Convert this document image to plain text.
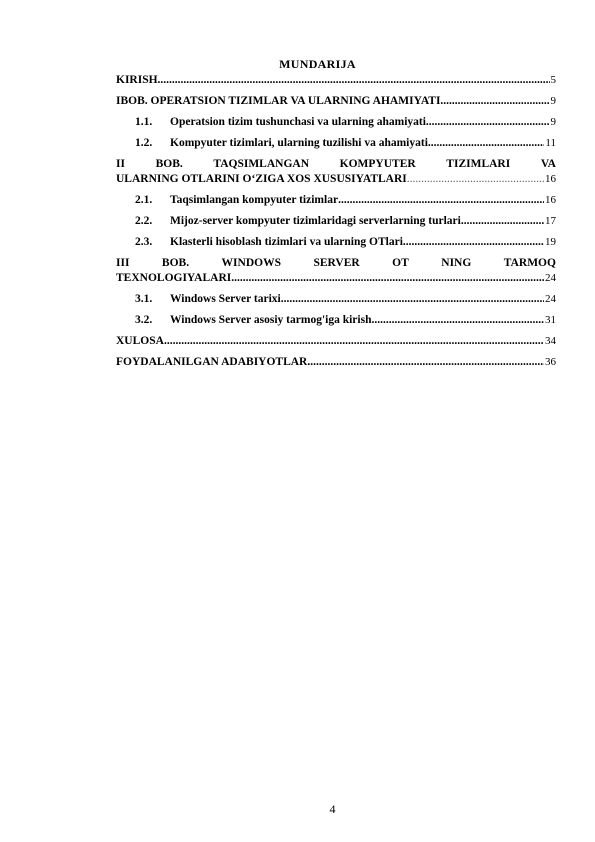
MUNDARIJA
KIRISH .....	5
IBOB. OPERATSION TIZIMLAR VA ULARNING AHAMIYATI .....	9
1.1.	Operatsion tizim tushunchasi va ularning ahamiyati .....	9
1.2.	Kompyuter tizimlari, ularning tuzilishi va ahamiyati .....	11
II	BOB.	TAQSIMLANGAN	KOMPYUTER	TIZIMLARI	VA
ULARNING OTLARINI O‘ZIGA XOS XUSUSIYATLARI .....	16
2.1.	Taqsimlangan kompyuter tizimlar .....	16
2.2.	Mijoz-server kompyuter tizimlaridagi serverlarning turlari .....	17
2.3.	Klasterli hisoblash tizimlari va ularning OTlari .....	19
III	BOB.	WINDOWS	SERVER	OT	NING	TARMOQ
TEXNOLOGIYALARI .....	24
3.1.	Windows Server tarixi .....	24
3.2.	Windows Server asosiy tarmog'iga kirish .....	31
XULOSA .....	34
FOYDALANILGAN ADABIYOTLAR .....	36
4
